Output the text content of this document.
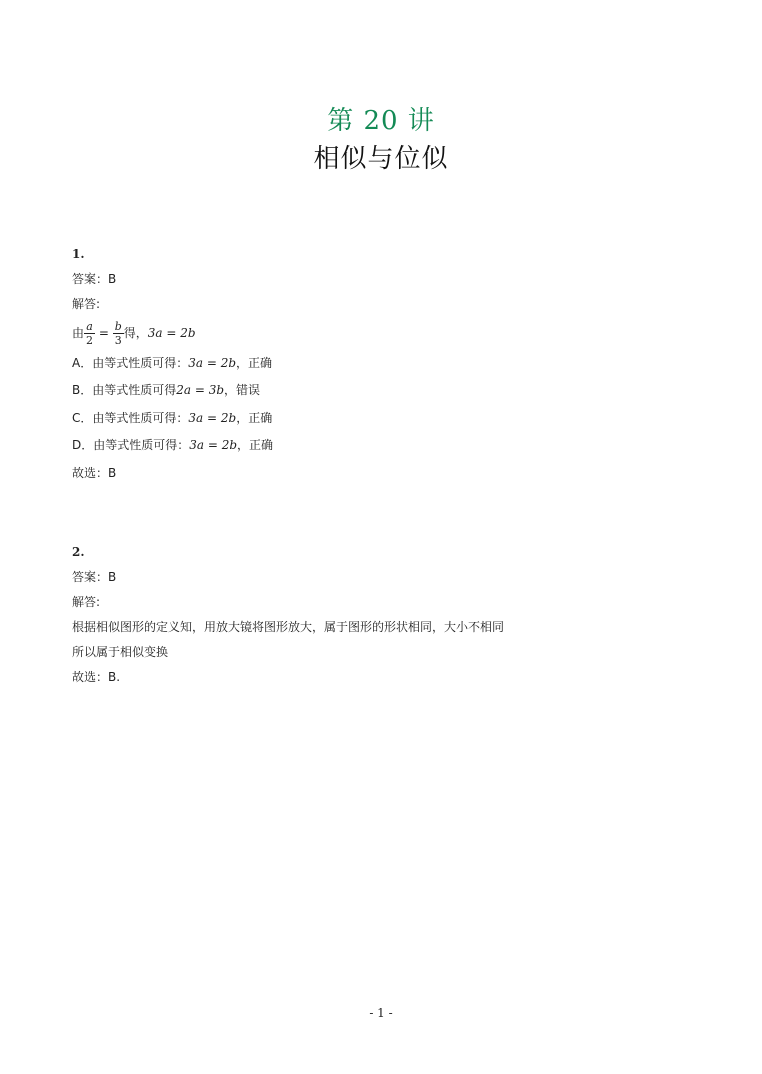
第 20 讲
相似与位似
1.
答案：B
解答:
由 $\frac{a}{2} = \frac{b}{3}$ 得， 3a = 2b
A．由等式性质可得：3a = 2b，正确
B．由等式性质可得2a = 3b，错误
C．由等式性质可得：3a = 2b，正确
D．由等式性质可得：3a = 2b，正确
故选：B
2.
答案：B
解答:
根据相似图形的定义知，用放大镜将图形放大，属于图形的形状相同，大小不相同
所以属于相似变换
故选：B.
- 1 -
